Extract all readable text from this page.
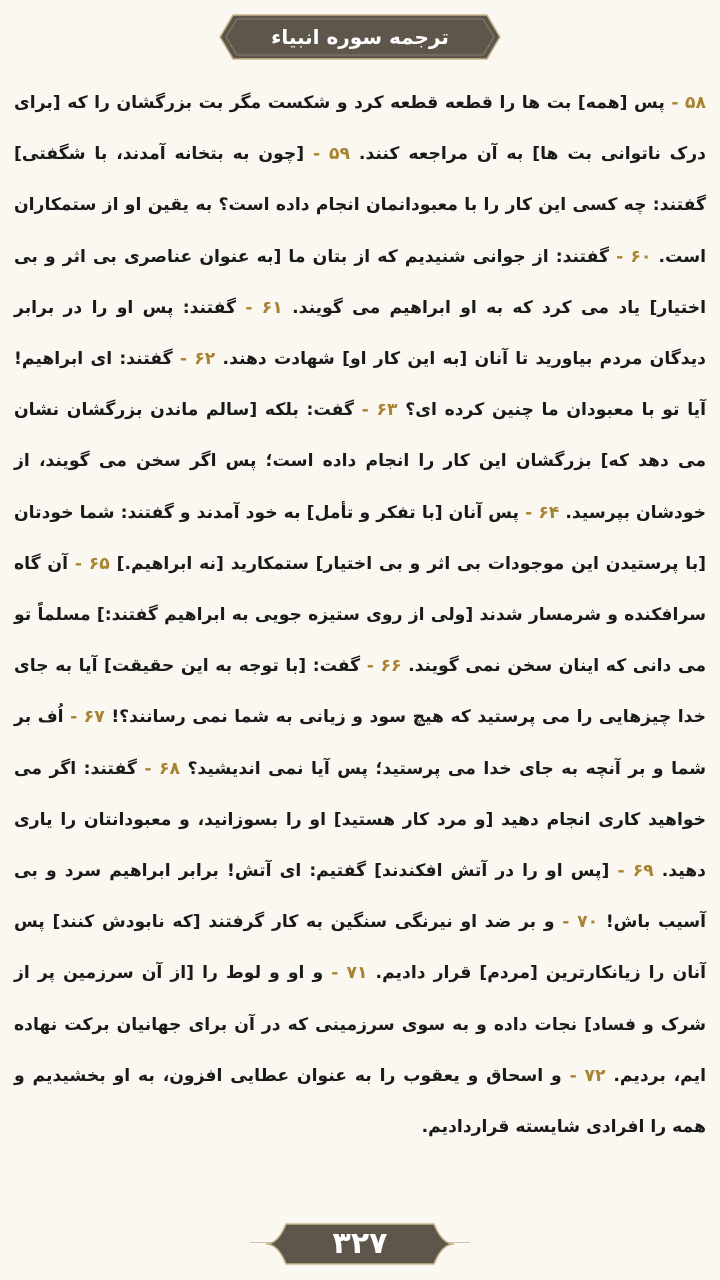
ترجمه سوره انبیاء
۵۸ - پس [همه] بت ها را قطعه قطعه کرد و شکست مگر بت بزرگشان را که [برای درک ناتوانی بت ها] به آن مراجعه کنند. ۵۹ - [چون به بتخانه آمدند، با شگفتی] گفتند: چه کسی این کار را با معبودانمان انجام داده است؟ به یقین او از ستمکاران است. ۶۰ - گفتند: از جوانی شنیدیم که از بتان ما [به عنوان عناصری بی اثر و بی اختیار] یاد می کرد که به او ابراهیم می گویند. ۶۱ - گفتند: پس او را در برابر دیدگان مردم بیاورید تا آنان [به این کار او] شهادت دهند. ۶۲ - گفتند: ای ابراهیم! آیا تو با معبودان ما چنین کرده ای؟ ۶۳ - گفت: بلکه [سالم ماندن بزرگشان نشان می دهد که] بزرگشان این کار را انجام داده است؛ پس اگر سخن می گویند، از خودشان بپرسید. ۶۴ - پس آنان [با تفکر و تأمل] به خود آمدند و گفتند: شما خودتان [با پرستیدن این موجودات بی اثر و بی اختیار] ستمکارید [نه ابراهیم.] ۶۵ - آن گاه سرافکنده و شرمسار شدند [ولی از روی ستیزه جویی به ابراهیم گفتند:] مسلماً تو می دانی که اینان سخن نمی گویند. ۶۶ - گفت: [با توجه به این حقیقت] آیا به جای خدا چیزهایی را می پرستید که هیچ سود و زیانی به شما نمی رسانند؟! ۶۷ - اُف بر شما و بر آنچه به جای خدا می پرستید؛ پس آیا نمی اندیشید؟ ۶۸ - گفتند: اگر می خواهید کاری انجام دهید [و مرد کار هستید] او را بسوزانید، و معبودانتان را یاری دهید. ۶۹ - [پس او را در آتش افکندند] گفتیم: ای آتش! برابر ابراهیم سرد و بی آسیب باش! ۷۰ - و بر ضد او نیرنگی سنگین به کار گرفتند [که نابودش کنند] پس آنان را زیانکارترین [مردم] قرار دادیم. ۷۱ - و او و لوط را [از آن سرزمین پر از شرک و فساد] نجات داده و به سوی سرزمینی که در آن برای جهانیان برکت نهاده ایم، بردیم. ۷۲ - و اسحاق و یعقوب را به عنوان عطایی افزون، به او بخشیدیم و همه را افرادی شایسته قراردادیم.
۳۲۷
